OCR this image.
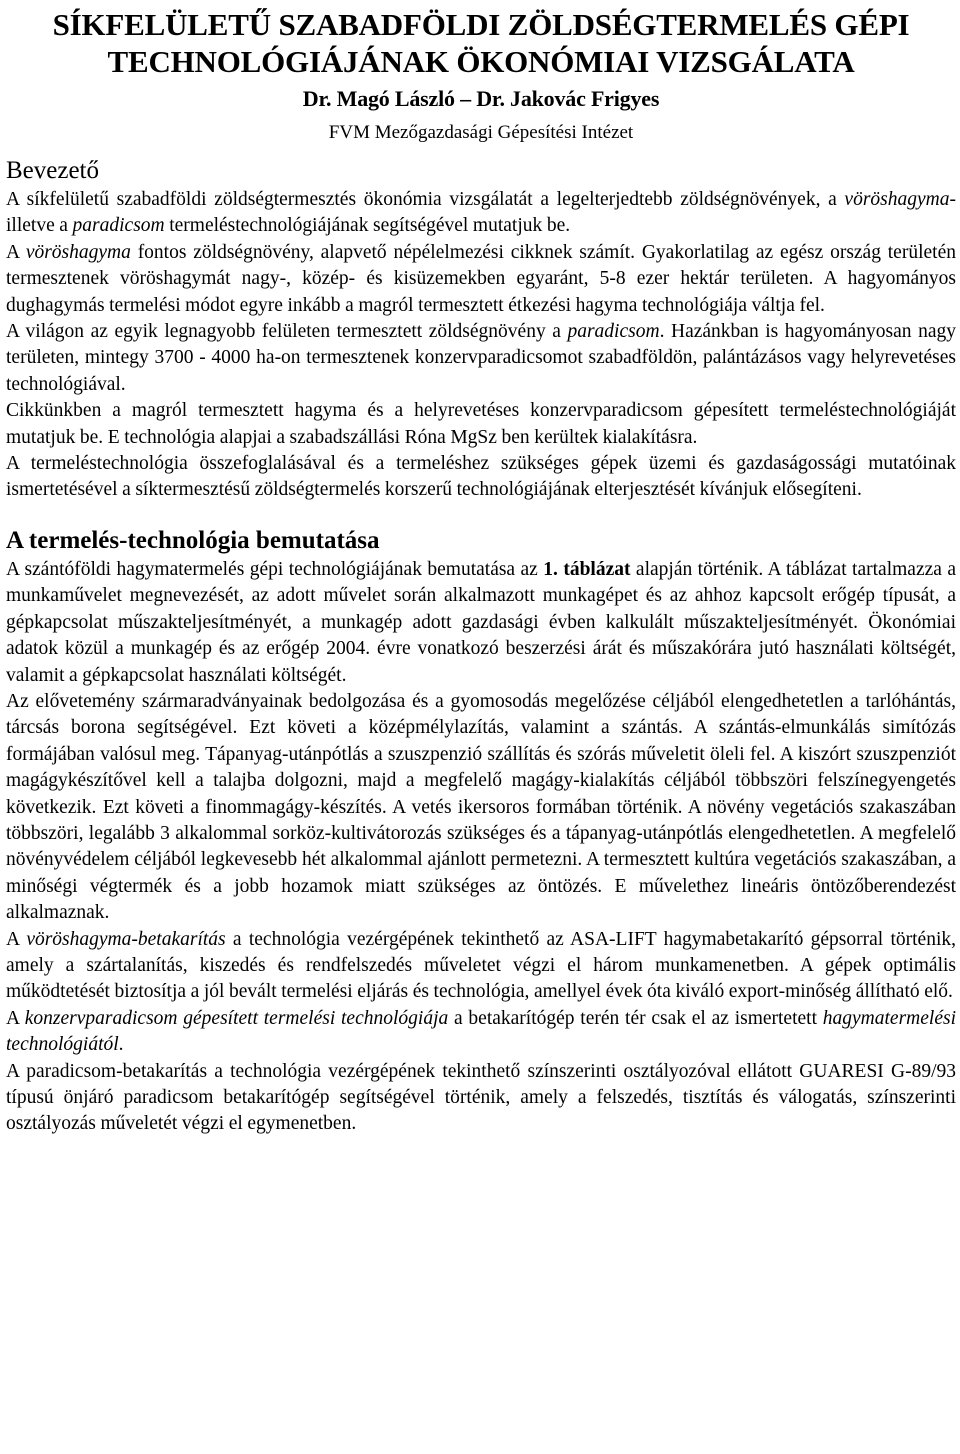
SÍKFELÜLETŰ SZABADFÖLDI ZÖLDSÉGTERMELÉS GÉPI TECHNOLÓGIÁJÁNAK ÖKONÓMIAI VIZSGÁLATA
Dr. Magó László – Dr. Jakovác Frigyes
FVM Mezőgazdasági Gépesítési Intézet
Bevezető

A síkfelületű szabadföldi zöldségtermesztés ökonómia vizsgálatát a legelterjedtebb zöldségnövények, a vöröshagyma- illetve a paradicsom termeléstechnológiájának segítségével mutatjuk be.

A vöröshagyma fontos zöldségnövény, alapvető népélelmezési cikknek számít. Gyakorlatilag az egész ország területén termesztenek vöröshagymát nagy-, közép- és kisüzemekben egyaránt, 5-8 ezer hektár területen. A hagyományos dughagymás termelési módot egyre inkább a magról termesztett étkezési hagyma technológiája váltja fel.

A világon az egyik legnagyobb felületen termesztett zöldségnövény a paradicsom. Hazánkban is hagyományosan nagy területen, mintegy 3700 - 4000 ha-on termesztenek konzervparadicsomot szabadföldön, palántázásos vagy helyrevetéses technológiával.

Cikkünkben a magról termesztett hagyma és a helyrevetéses konzervparadicsom gépesített termeléstechnológiáját mutatjuk be. E technológia alapjai a szabadszállási Róna MgSz ben kerültek kialakításra.

A termeléstechnológia összefoglalásával és a termeléshez szükséges gépek üzemi és gazdaságossági mutatóinak ismertetésével a síktermesztésű zöldségtermelés korszerű technológiájának elterjesztését kívánjuk elősegíteni.

A termelés-technológia bemutatása

A szántóföldi hagymatermelés gépi technológiájának bemutatása az 1. táblázat alapján történik. A táblázat tartalmazza a munkaművelet megnevezését, az adott művelet során alkalmazott munkagépet és az ahhoz kapcsolt erőgép típusát, a gépkapcsolat műszakteljesítményét, a munkagép adott gazdasági évben kalkulált műszakteljesítményét. Ökonómiai adatok közül a munkagép és az erőgép 2004. évre vonatkozó beszerzési árát és műszakórára jutó használati költségét, valamit a gépkapcsolat használati költségét.

Az elővetemény szármaradványainak bedolgozása és a gyomosodás megelőzése céljából elengedhetetlen a tarlóhántás, tárcsás borona segítségével. Ezt követi a középmélylazítás, valamint a szántás. A szántás-elmunkálás simítózás formájában valósul meg. Tápanyag-utánpótlás a szuszpenzió szállítás és szórás műveletit öleli fel. A kiszórt szuszpenziót magágykészítővel kell a talajba dolgozni, majd a megfelelő magágy-kialakítás céljából többszöri felszínegyengetés következik. Ezt követi a finommagágy-készítés. A vetés ikersoros formában történik. A növény vegetációs szakaszában többszöri, legalább 3 alkalommal sorköz-kultivátorozás szükséges és a tápanyag-utánpótlás elengedhetetlen. A megfelelő növényvédelem céljából legkevesebb hét alkalommal ajánlott permetezni. A termesztett kultúra vegetációs szakaszában, a minőségi végtermék és a jobb hozamok miatt szükséges az öntözés. E művelethez lineáris öntözőberendezést alkalmaznak.

A vöröshagyma-betakarítás a technológia vezérgépének tekinthető az ASA-LIFT hagymabetakarító gépsorral történik, amely a szártalanítás, kiszedés és rendfelszedés műveletet végzi el három munkamenetben. A gépek optimális működtetését biztosítja a jól bevált termelési eljárás és technológia, amellyel évek óta kiváló export-minőség állítható elő.

A konzervparadicsom gépesített termelési technológiája a betakarítógép terén tér csak el az ismertetett hagymatermelési technológiától.

A paradicsom-betakarítás a technológia vezérgépének tekinthető színszerinti osztályozóval ellátott GUARESI G-89/93 típusú önjáró paradicsom betakarítógép segítségével történik, amely a felszedés, tisztítás és válogatás, színszerinti osztályozás műveletét végzi el egymenetben.
